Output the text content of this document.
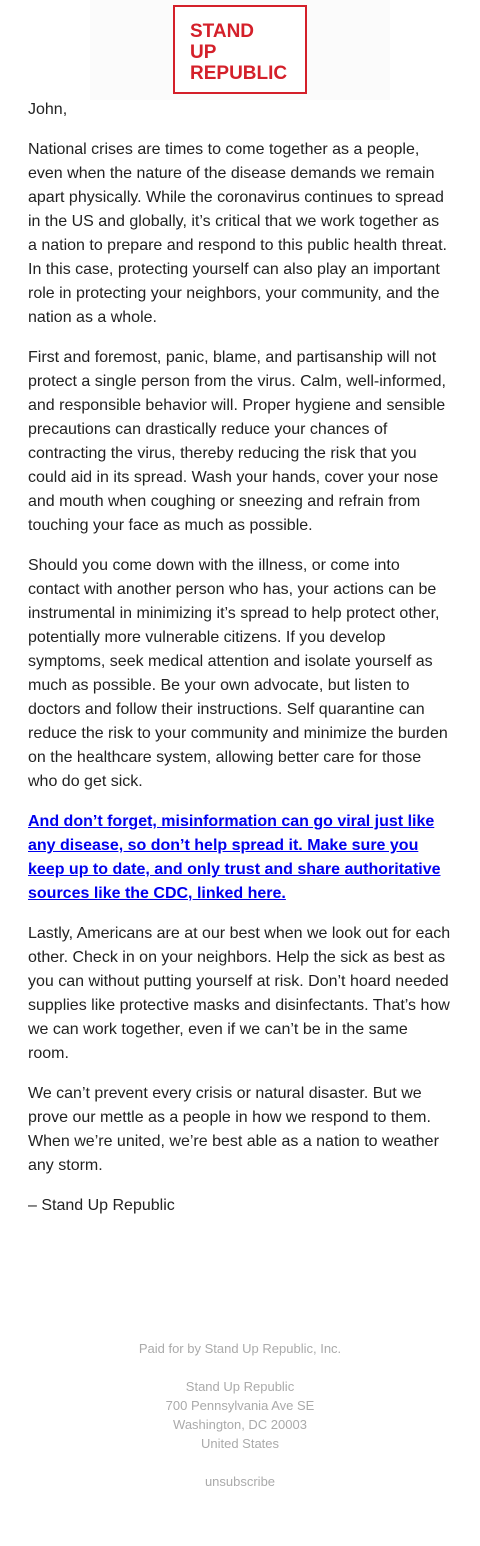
STAND
UP
REPUBLIC

John,

National crises are times to come together as a people, even when the nature of the disease demands we remain apart physically. While the coronavirus continues to spread in the US and globally, it’s critical that we work together as a nation to prepare and respond to this public health threat. In this case, protecting yourself can also play an important role in protecting your neighbors, your community, and the nation as a whole.

First and foremost, panic, blame, and partisanship will not protect a single person from the virus. Calm, well-informed, and responsible behavior will. Proper hygiene and sensible precautions can drastically reduce your chances of contracting the virus, thereby reducing the risk that you could aid in its spread. Wash your hands, cover your nose and mouth when coughing or sneezing and refrain from touching your face as much as possible.

Should you come down with the illness, or come into contact with another person who has, your actions can be instrumental in minimizing it’s spread to help protect other, potentially more vulnerable citizens. If you develop symptoms, seek medical attention and isolate yourself as much as possible. Be your own advocate, but listen to doctors and follow their instructions. Self quarantine can reduce the risk to your community and minimize the burden on the healthcare system, allowing better care for those who do get sick.

And don’t forget, misinformation can go viral just like any disease, so don’t help spread it. Make sure you keep up to date, and only trust and share authoritative sources like the CDC, linked here.

Lastly, Americans are at our best when we look out for each other. Check in on your neighbors. Help the sick as best as you can without putting yourself at risk. Don’t hoard needed supplies like protective masks and disinfectants. That’s how we can work together, even if we can’t be in the same room.

We can’t prevent every crisis or natural disaster. But we prove our mettle as a people in how we respond to them. When we’re united, we’re best able as a nation to weather any storm.

– Stand Up Republic

Paid for by Stand Up Republic, Inc.

Stand Up Republic
700 Pennsylvania Ave SE
Washington, DC 20003
United States

unsubscribe
